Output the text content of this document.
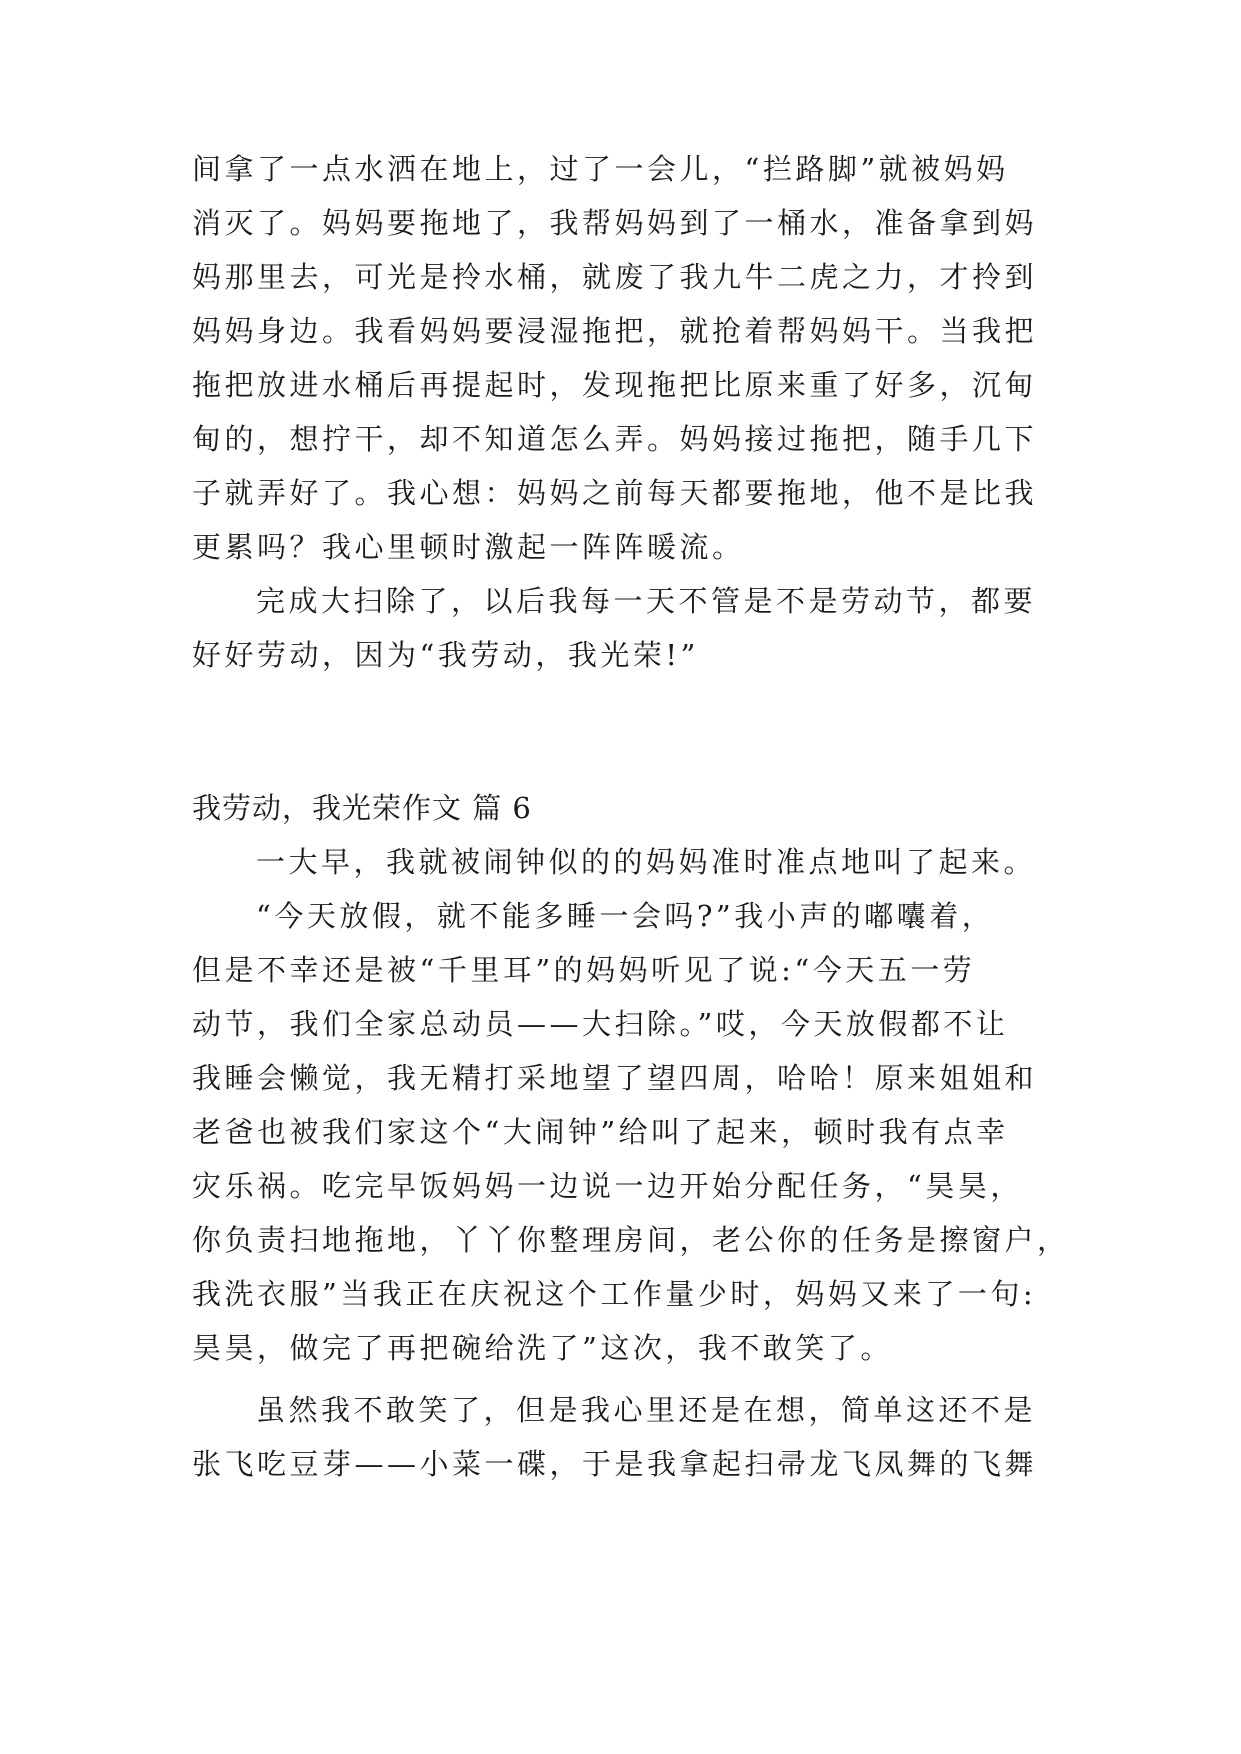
间拿了一点水洒在地上，过了一会儿，“拦路脚”就被妈妈
消灭了。妈妈要拖地了，我帮妈妈到了一桶水，准备拿到妈
妈那里去，可光是拎水桶，就废了我九牛二虎之力，才拎到
妈妈身边。我看妈妈要浸湿拖把，就抢着帮妈妈干。当我把
拖把放进水桶后再提起时，发现拖把比原来重了好多，沉甸
甸的，想拧干，却不知道怎么弄。妈妈接过拖把，随手几下
子就弄好了。我心想：妈妈之前每天都要拖地，他不是比我
更累吗？我心里顿时激起一阵阵暖流。
完成大扫除了，以后我每一天不管是不是劳动节，都要
好好劳动，因为“我劳动，我光荣!”
我劳动，我光荣作文 篇 6
一大早，我就被闹钟似的的妈妈准时准点地叫了起来。
“今天放假，就不能多睡一会吗?”我小声的嘟囔着，
但是不幸还是被“千里耳”的妈妈听见了说:“今天五一劳
动节，我们全家总动员——大扫除。”哎，今天放假都不让
我睡会懒觉，我无精打采地望了望四周，哈哈！原来姐姐和
老爸也被我们家这个“大闹钟”给叫了起来，顿时我有点幸
灾乐祸。吃完早饭妈妈一边说一边开始分配任务，“昊昊，
你负责扫地拖地，丫丫你整理房间，老公你的任务是擦窗户，
我洗衣服”当我正在庆祝这个工作量少时，妈妈又来了一句:
昊昊，做完了再把碗给洗了”这次，我不敢笑了。
虽然我不敢笑了，但是我心里还是在想，简单这还不是
张飞吃豆芽——小菜一碟，于是我拿起扫帚龙飞凤舞的飞舞
